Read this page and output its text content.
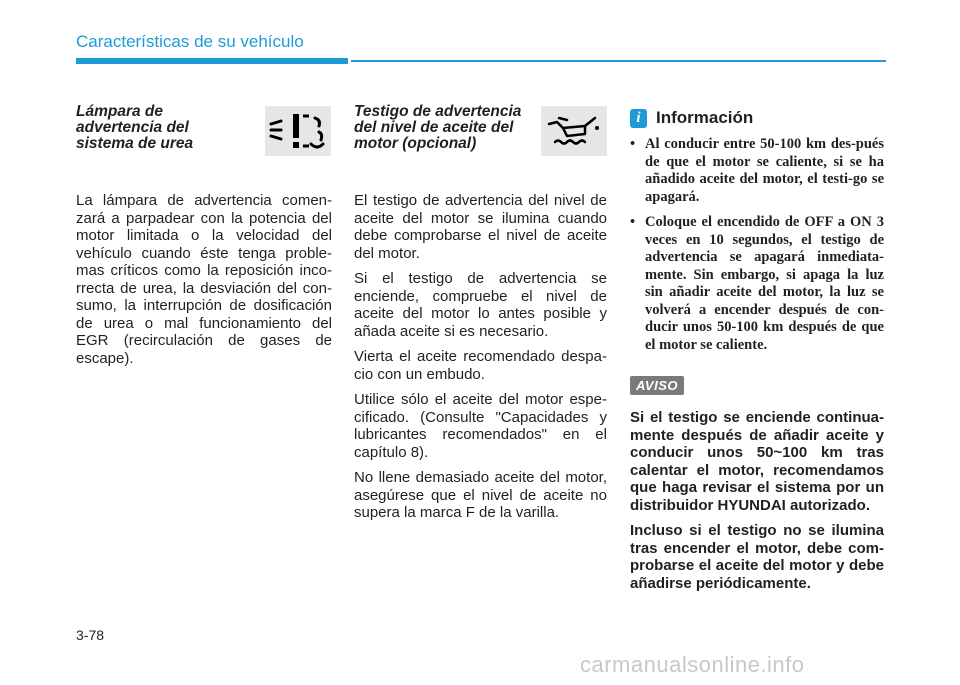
Características de su vehículo
Lámpara de
advertencia del
sistema de urea

La lámpara de advertencia comen-zará a parpadear con la potencia del motor limitada o la velocidad del vehículo cuando éste tenga proble-mas críticos como la reposición inco-rrecta de urea, la desviación del con-sumo, la interrupción de dosificación de urea o mal funcionamiento del EGR (recirculación de gases de escape).

Testigo de advertencia
del nivel de aceite del
motor (opcional)

El testigo de advertencia del nivel de aceite del motor se ilumina cuando debe comprobarse el nivel de aceite del motor.

Si el testigo de advertencia se enciende, compruebe el nivel de aceite del motor lo antes posible y añada aceite si es necesario.

Vierta el aceite recomendado despa-cio con un embudo.

Utilice sólo el aceite del motor espe-cificado. (Consulte "Capacidades y lubricantes recomendados" en el capítulo 8).

No llene demasiado aceite del motor, asegúrese que el nivel de aceite no supera la marca F de la varilla.

i Información
• Al conducir entre 50-100 km des-pués de que el motor se caliente, si se ha añadido aceite del motor, el testi-go se apagará.
• Coloque el encendido de OFF a ON 3 veces en 10 segundos, el testigo de advertencia se apagará inmediata-mente. Sin embargo, si apaga la luz sin añadir aceite del motor, la luz se volverá a encender después de con-ducir unos 50-100 km después de que el motor se caliente.
AVISO

Si el testigo se enciende continua-mente después de añadir aceite y conducir unos 50~100 km tras calentar el motor, recomendamos que haga revisar el sistema por un distribuidor HYUNDAI autorizado.

Incluso si el testigo no se ilumina tras encender el motor, debe com-probarse el aceite del motor y debe añadirse periódicamente.

3-78
carmanualsonline.info
